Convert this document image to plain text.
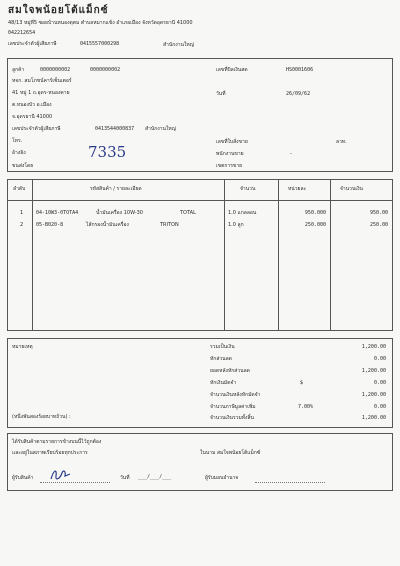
สมใจพน้อยโต้แม็กซ์
48/13 หมู่ที่5 ซอยบ้านหนองดุตม ตำบลหมากแข้ง อำเภอเมือง จังหวัดอุดรธานี 41000
042212654
เลขประจำตัวผู้เสียภาษี	0415557000298	สำนักงานใหญ่
ลูกค้า	0000000002	0000000002
หจก. สมโภชน์คาร์เซ็นเตอร์
41 หมู่ 1 ถ.อุดร-หนองคาย
ต.หนองบัว อ.เมือง
จ.อุดรธานี 41000
เลขประจำตัวผู้เสียภาษี	0413544000837 สำนักงานใหญ่
โทร.
อ้างอิง	7335
ขนส่งโดย
เลขที่บิลเงินสด	HS0001606
วันที่	26/09/62
เลขที่ใบสั่งขาย	ลวท.
พนักงานขาย	-
เขตการขาย
ลำดับ	รหัสสินค้า / รายละเอียด	จำนวน	หน่วยละ	จำนวนเงิน
1	04-10W3-0TOTA4	น้ำมันเครื่อง 10W-30	TOTAL	1.0 แกลลอน	950.000	950.00
2	05-B020-8	ไส้กรองน้ำมันเครื่อง	TRITON	1.0 ลูก	250.000	250.00
หมายเหตุ
(หนึ่งพันสองร้อยบาทถ้วน) :
รวมเป็นเงิน	1,200.00
หักส่วนลด	0.00
ยอดหลังหักส่วนลด	1,200.00
หักเงินมัดจำ	$	0.00
จำนวนเงินหลังหักมัดจำ	1,200.00
จำนวนภาษีมูลค่าเพิ่ม	7.00%	0.00
จำนวนเงินรวมทั้งสิ้น	1,200.00
ได้รับสินค้าตามรายการข้างบนนี้ไว้ถูกต้อง
และอยู่ในสภาพเรียบร้อยทุกประการ	ในนาม สมใจพน้อยโต้แม็กซ์
ผู้รับสินค้า	วันที่ ___/___/___	ผู้รับมอบอำนาจ
